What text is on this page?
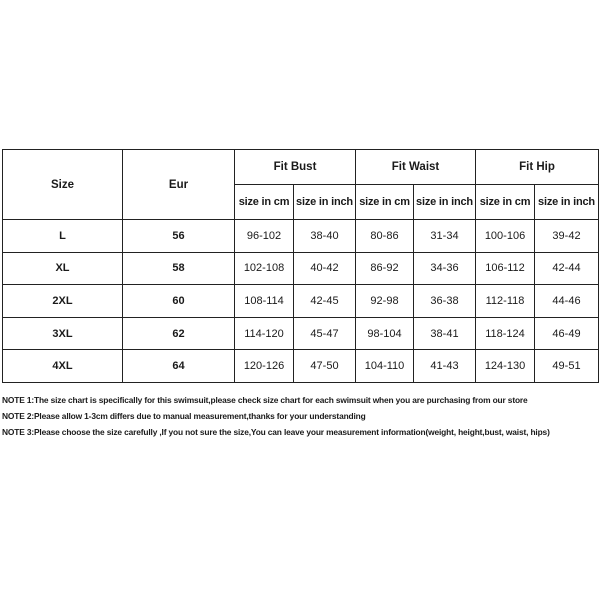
Size	Eur	Fit Bust		Fit Waist		Fit Hip	
		size in cm	size in inch	size in cm	size in inch	size in cm	size in inch
L	56	96-102	38-40	80-86	31-34	100-106	39-42
XL	58	102-108	40-42	86-92	34-36	106-112	42-44
2XL	60	108-114	42-45	92-98	36-38	112-118	44-46
3XL	62	114-120	45-47	98-104	38-41	118-124	46-49
4XL	64	120-126	47-50	104-110	41-43	124-130	49-51
NOTE 1:The size chart is specifically for this swimsuit,please check size chart for each swimsuit when you are purchasing from our store
NOTE 2:Please allow 1-3cm differs due to manual measurement,thanks for your understanding
NOTE 3:Please choose the size carefully ,If you not sure the size,You can leave your measurement information(weight, height,bust, waist, hips)
